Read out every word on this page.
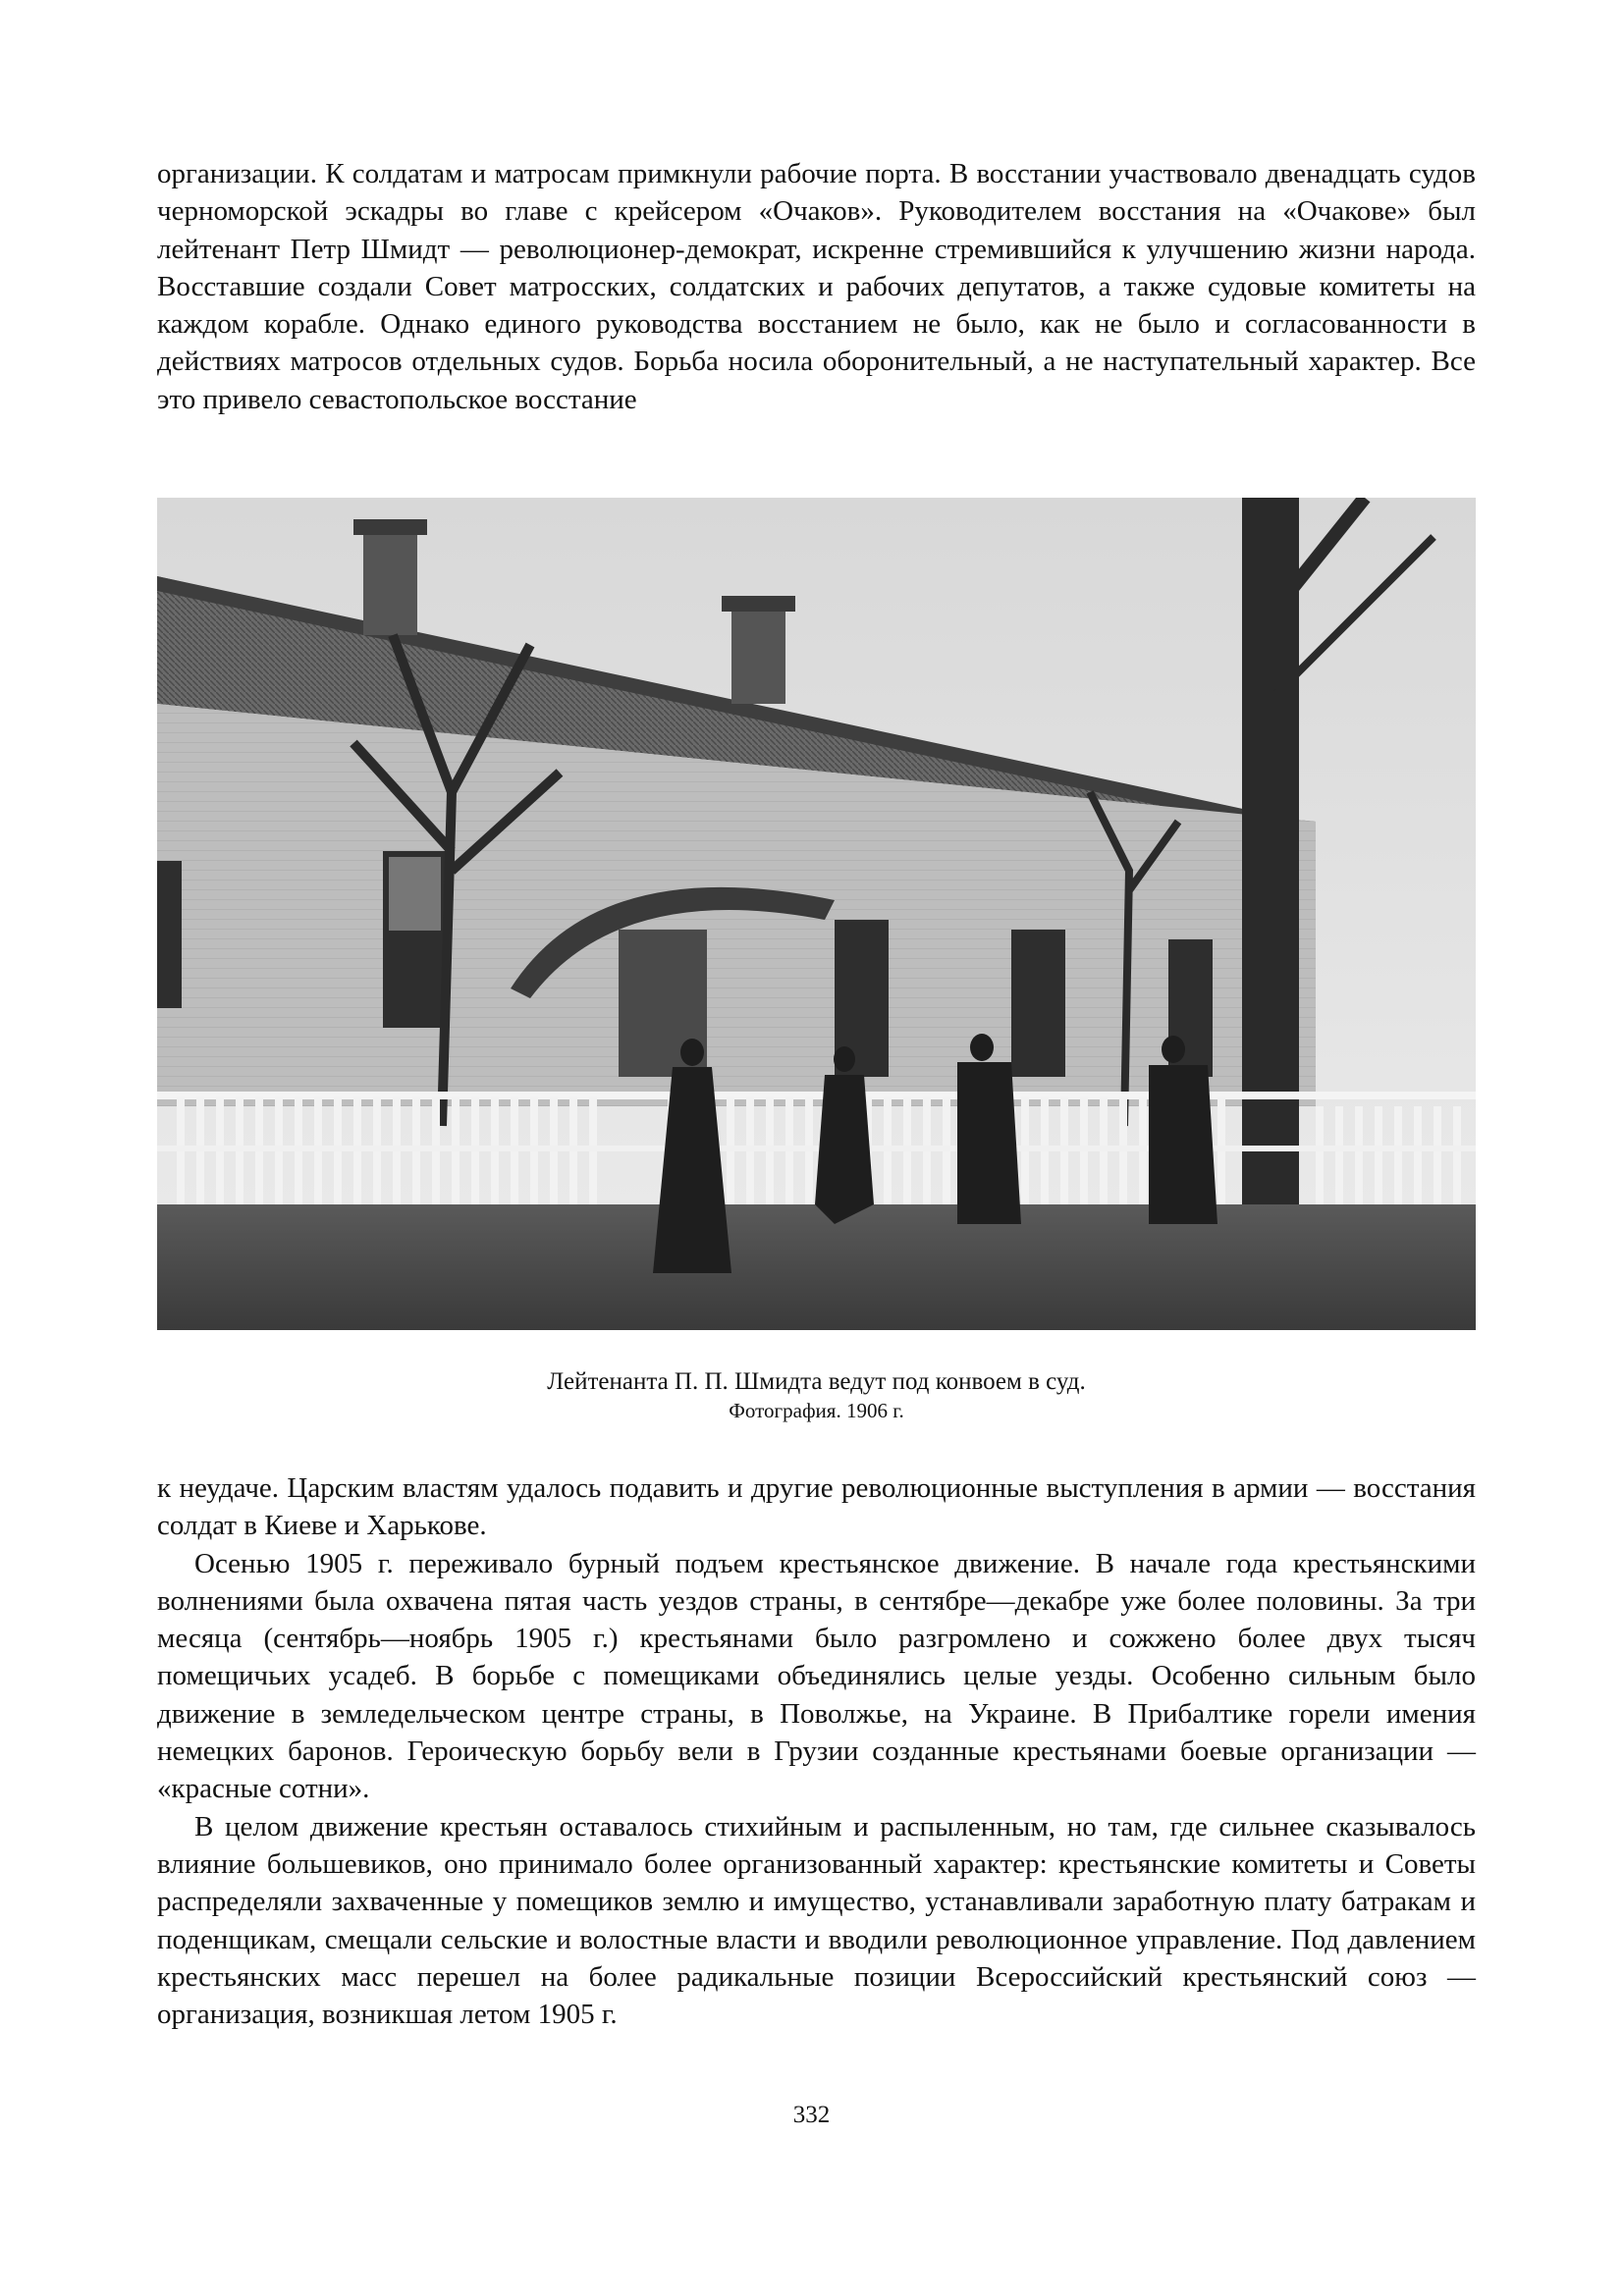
организации. К солдатам и матросам примкнули рабочие порта. В восстании участвовало двенадцать судов черноморской эскадры во главе с крейсером «Очаков». Руководителем восстания на «Очакове» был лейтенант Петр Шмидт — революционер-демократ, искренне стремившийся к улучшению жизни народа. Восставшие создали Совет матросских, солдатских и рабочих депутатов, а также судовые комитеты на каждом корабле. Однако единого руководства восстанием не было, как не было и согласованности в действиях матросов отдельных судов. Борьба носила оборонительный, а не наступательный характер. Все это привело севастопольское восстание

Лейтенанта П. П. Шмидта ведут под конвоем в суд.
Фотография. 1906 г.

к неудаче. Царским властям удалось подавить и другие революционные выступления в армии — восстания солдат в Киеве и Харькове.

Осенью 1905 г. переживало бурный подъем крестьянское движение. В начале года крестьянскими волнениями была охвачена пятая часть уездов страны, в сентябре—декабре уже более половины. За три месяца (сентябрь—ноябрь 1905 г.) крестьянами было разгромлено и сожжено более двух тысяч помещичьих усадеб. В борьбе с помещиками объединялись целые уезды. Особенно сильным было движение в земледельческом центре страны, в Поволжье, на Украине. В Прибалтике горели имения немецких баронов. Героическую борьбу вели в Грузии созданные крестьянами боевые организации — «красные сотни».

В целом движение крестьян оставалось стихийным и распыленным, но там, где сильнее сказывалось влияние большевиков, оно принимало более организованный характер: крестьянские комитеты и Советы распределяли захваченные у помещиков землю и имущество, устанавливали заработную плату батракам и поденщикам, смещали сельские и волостные власти и вводили революционное управление. Под давлением крестьянских масс перешел на более радикальные позиции Всероссийский крестьянский союз — организация, возникшая летом 1905 г.

332
